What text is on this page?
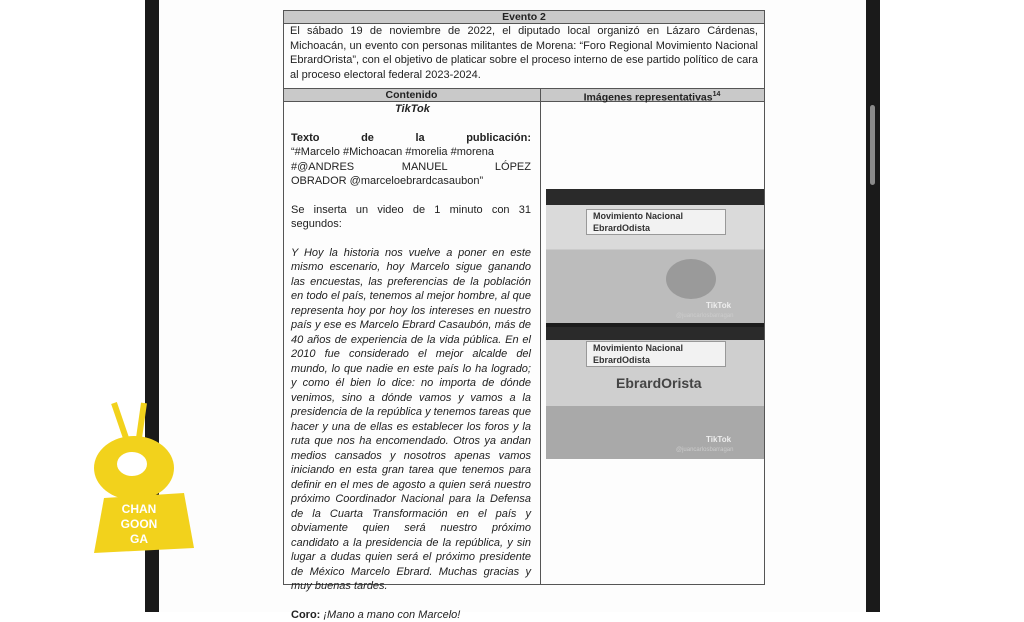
Evento 2
El sábado 19 de noviembre de 2022, el diputado local organizó en Lázaro Cárdenas, Michoacán, un evento con personas militantes de Morena: “Foro Regional Movimiento Nacional EbrardOrista”, con el objetivo de platicar sobre el proceso interno de ese partido político de cara al proceso electoral federal 2023-2024.
Contenido	Imágenes representativas$^{14}$
TikTok
Texto de la publicación:
“#Marcelo #Michoacan #morelia #morena
#@ANDRES MANUEL LÓPEZ
OBRADOR @marceloebrardcasaubon”
Se inserta un video de 1 minuto con 31 segundos:
Y Hoy la historia nos vuelve a poner en este mismo escenario, hoy Marcelo sigue ganando las encuestas, las preferencias de la población en todo el país, tenemos al mejor hombre, al que representa hoy por hoy los intereses en nuestro país y ese es Marcelo Ebrard Casaubón, más de 40 años de experiencia de la vida pública. En el 2010 fue considerado el mejor alcalde del mundo, lo que nadie en este país lo ha logrado; y como él bien lo dice: no importa de dónde venimos, sino a dónde vamos y vamos a la presidencia de la república y tenemos tareas que hacer y una de ellas es establecer los foros y la ruta que nos ha encomendado. Otros ya andan medios cansados y nosotros apenas vamos iniciando en esta gran tarea que tenemos para definir en el mes de agosto a quien será nuestro próximo Coordinador Nacional para la Defensa de la Cuarta Transformación en el país y obviamente quien será nuestro próximo candidato a la presidencia de la república, y sin lugar a dudas quien será el próximo presidente de México Marcelo Ebrard. Muchas gracias y muy buenas tardes.
Coro: ¡Mano a mano con Marcelo!
Movimiento Nacional EbrardOdista
TikTok
@juancarlosbarragan
Movimiento Nacional EbrardOdista
EbrardOrista
TikTok
@juancarlosbarragan
CHAN
GOON
GA
